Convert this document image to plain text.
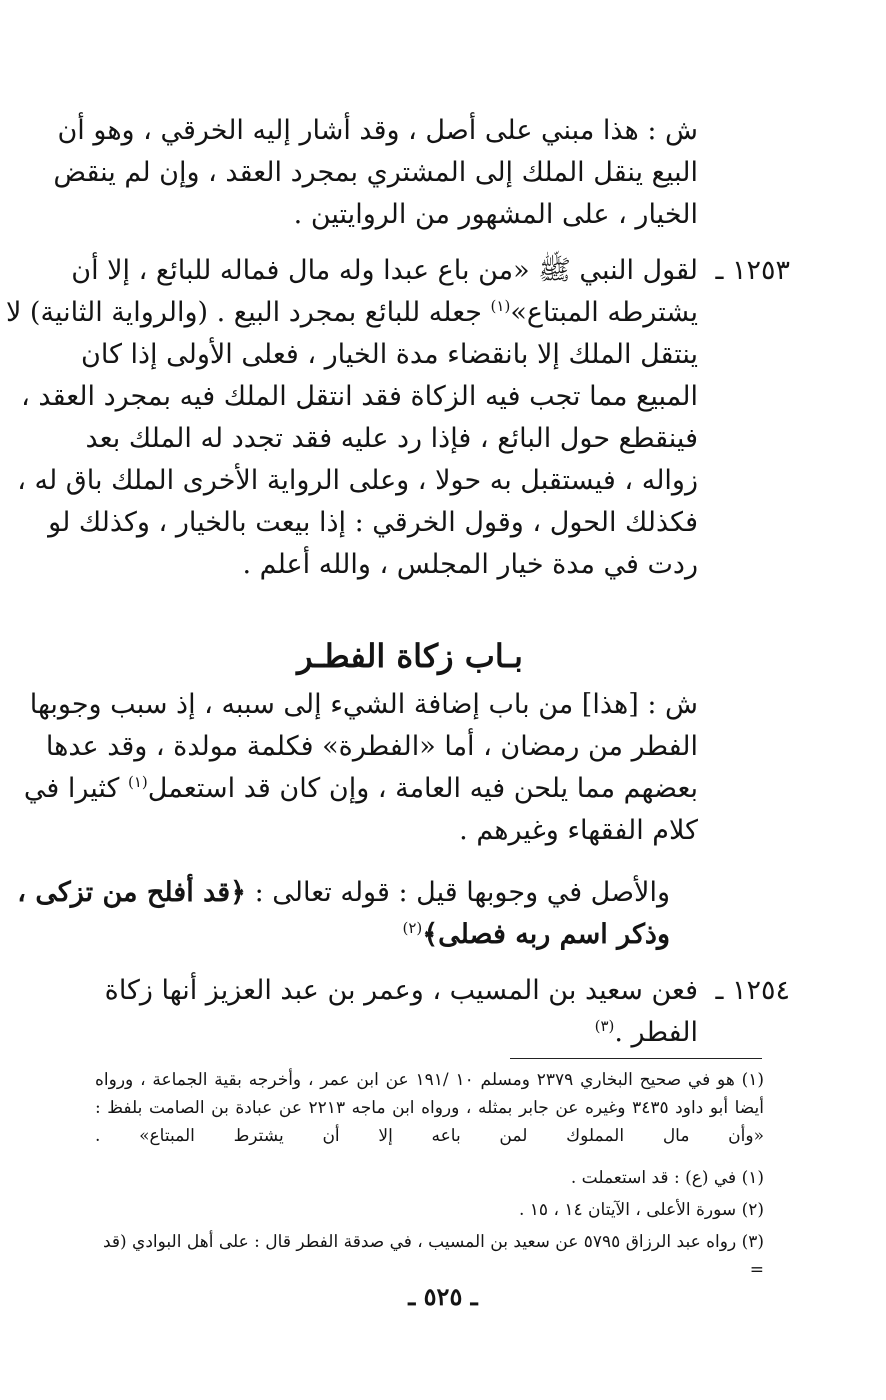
ش : هذا مبني على أصل ، وقد أشار إليه الخرقي ، وهو أن
البيع ينقل الملك إلى المشتري بمجرد العقد ، وإن لم ينقض
الخيار ، على المشهور من الروايتين .
١٢٥٣ ـ
لقول النبي ﷺ «من باع عبدا وله مال فماله للبائع ، إلا أن
يشترطه المبتاع»$^{(١)}$ جعله للبائع بمجرد البيع . (والرواية الثانية) لا
ينتقل الملك إلا بانقضاء مدة الخيار ، فعلى الأولى إذا كان
المبيع مما تجب فيه الزكاة فقد انتقل الملك فيه بمجرد العقد ،
فينقطع حول البائع ، فإذا رد عليه فقد تجدد له الملك بعد
زواله ، فيستقبل به حولا ، وعلى الرواية الأخرى الملك باق له ،
فكذلك الحول ، وقول الخرقي : إذا بيعت بالخيار ، وكذلك لو
ردت في مدة خيار المجلس ، والله أعلم .
بـاب زكاة الفطـر
ش : [هذا] من باب إضافة الشيء إلى سببه ، إذ سبب وجوبها
الفطر من رمضان ، أما «الفطرة» فكلمة مولدة ، وقد عدها
بعضهم مما يلحن فيه العامة ، وإن كان قد استعمل$^{(١)}$ كثيرا في
كلام الفقهاء وغيرهم .
والأصل في وجوبها قيل : قوله تعالى : ﴿قد أفلح من تزكى ،
وذكر اسم ربه فصلى﴾$^{(٢)}$
١٢٥٤ ـ
فعن سعيد بن المسيب ، وعمر بن عبد العزيز أنها زكاة
الفطر .$^{(٣)}$
(١) هو في صحيح البخاري ٢٣٧٩ ومسلم ١٠ /١٩١ عن ابن عمر ، وأخرجه بقية الجماعة ، ورواه
أيضا أبو داود ٣٤٣٥ وغيره عن جابر بمثله ، ورواه ابن ماجه ٢٢١٣ عن عبادة بن الصامت بلفظ :
«وأن مال المملوك لمن باعه إلا أن يشترط المبتاع» .
(١) في (ع) : قد استعملت .
(٢) سورة الأعلى ، الآيتان ١٤ ، ١٥ .
(٣) رواه عبد الرزاق ٥٧٩٥ عن سعيد بن المسيب ، في صدقة الفطر قال : على أهل البوادي (قد =
ـ ٥٢٥ ـ
